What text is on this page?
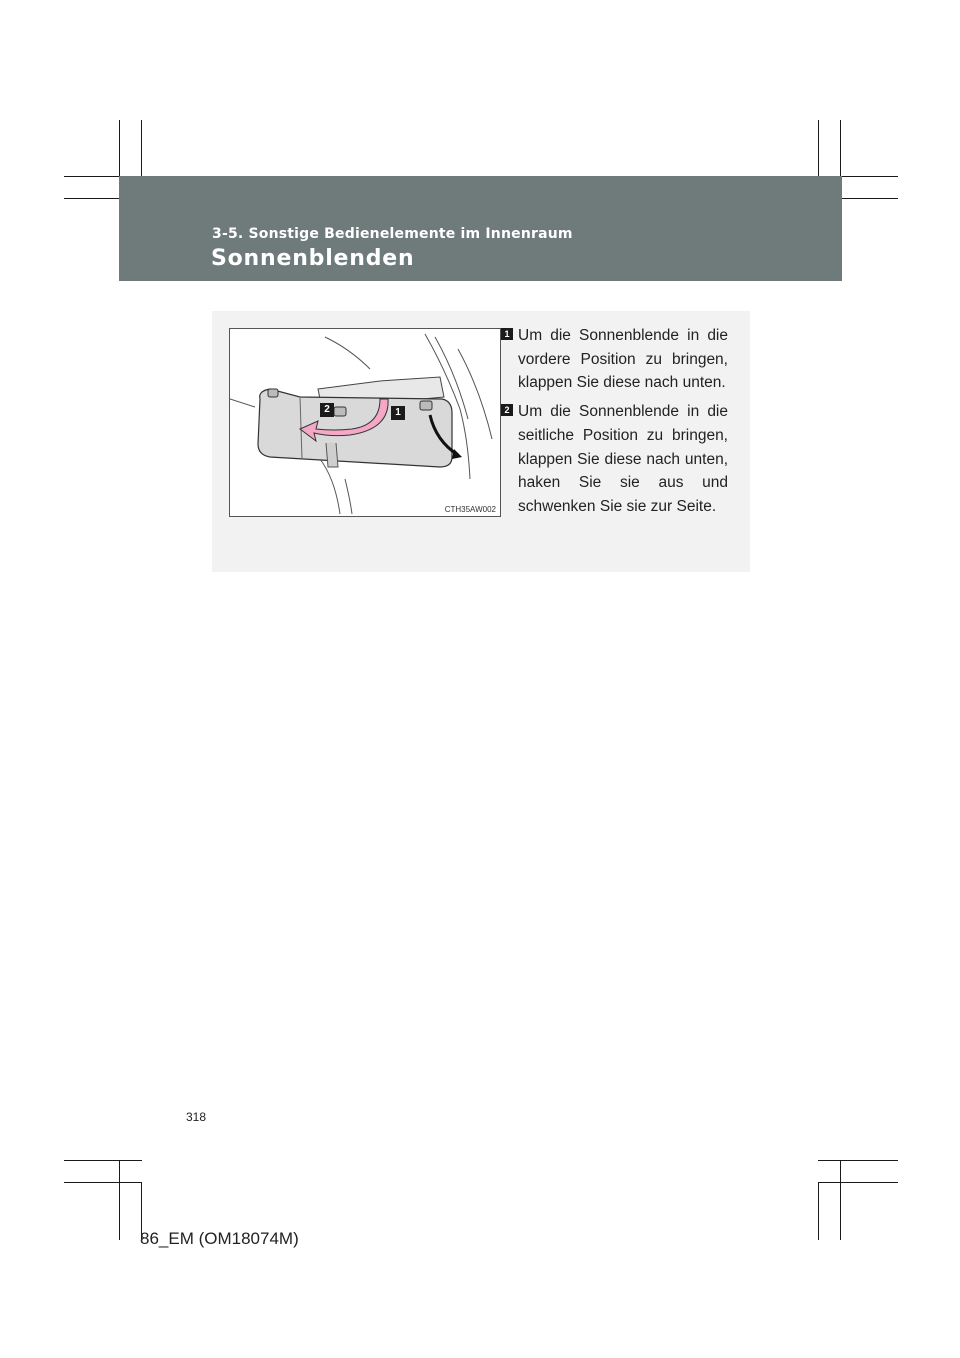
3-5. Sonstige Bedienelemente im Innenraum
Sonnenblenden
2	1
CTH35AW002
1 Um die Sonnenblende in die vordere Position zu bringen, klappen Sie diese nach unten.

2 Um die Sonnenblende in die seitliche Position zu bringen, klappen Sie diese nach unten, haken Sie sie aus und schwenken Sie sie zur Seite.

318
86_EM (OM18074M)
